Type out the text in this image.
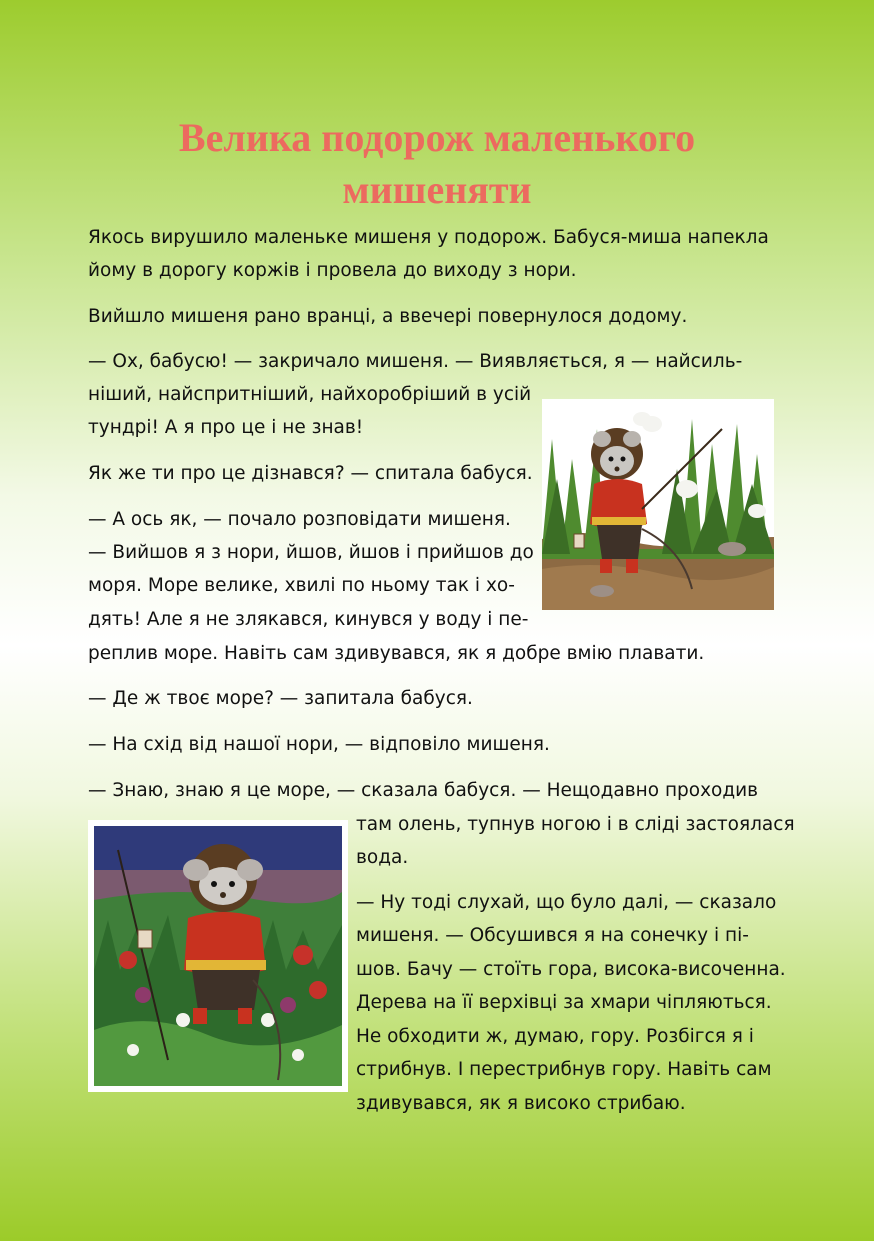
Велика подорож маленького
мишеняти

Якось вирушило маленьке мишеня у подорож. Бабуся-миша напекла

йому в дорогу коржів і провела до виходу з нори.

Вийшло мишеня рано вранці, а ввечері повернулося додому.

— Ох, бабусю! — закричало мишеня. — Виявляється, я — найсиль-

ніший, найспритніший, найхоробріший в усій

тундрі! А я про це і не знав!

Як же ти про це дізнався? — спитала бабуся.

— А ось як, — почало розповідати мишеня.

— Вийшов я з нори, йшов, йшов і прийшов до

моря. Море велике, хвилі по ньому так і хо-

дять! Але я не злякався, кинувся у воду і пе-

реплив море. Навіть сам здивувався, як я добре вмію плавати.

— Де ж твоє море? — запитала бабуся.

— На схід від нашої нори, — відповіло мишеня.

— Знаю, знаю я це море, — сказала бабуся. — Нещодавно проходив

там олень, тупнув ногою і в сліді застоялася

вода.

— Ну тоді слухай, що було далі, — сказало

мишеня. — Обсушився я на сонечку і пі-

шов. Бачу — стоїть гора, висока-височенна.

Дерева на її верхівці за хмари чіпляються.

Не обходити ж, думаю, гору. Розбігся я і

стрибнув. І перестрибнув гору. Навіть сам

здивувався, як я високо стрибаю.
